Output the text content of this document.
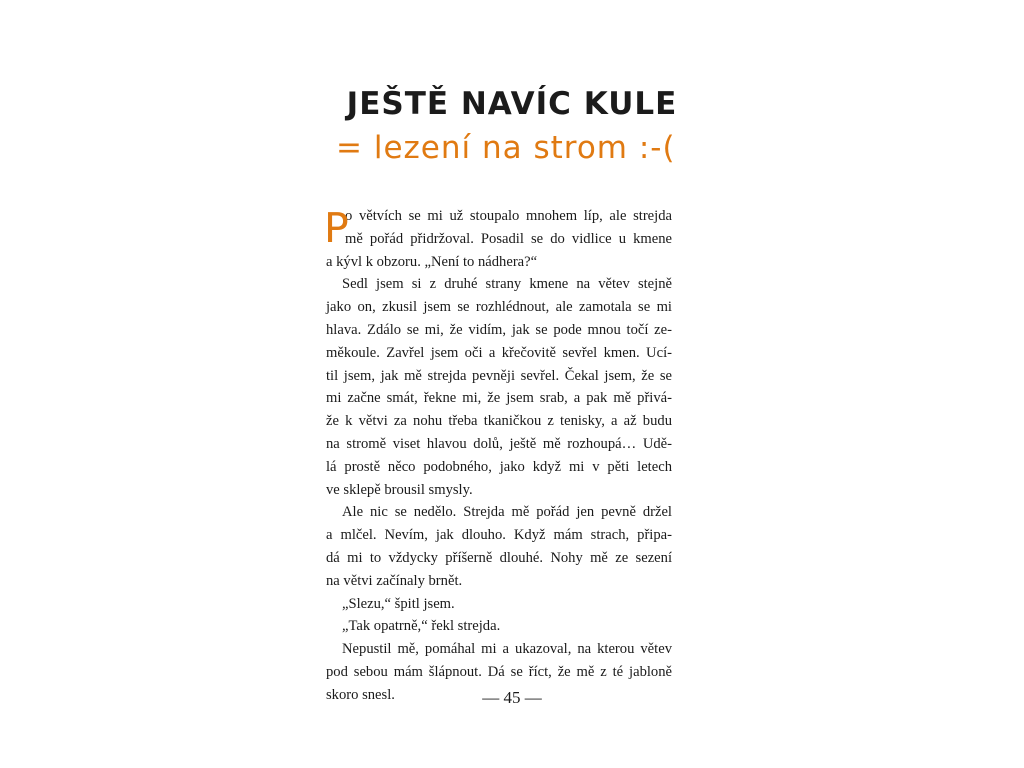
JEŠTĚ NAVÍC KULE
= lezení na strom :-(
P
o větvích se mi už stoupalo mnohem líp, ale strejda
mě pořád přidržoval. Posadil se do vidlice u kmene
a kývl k obzoru. „Není to nádhera?“
Sedl jsem si z druhé strany kmene na větev stejně
jako on, zkusil jsem se rozhlédnout, ale zamotala se mi
hlava. Zdálo se mi, že vidím, jak se pode mnou točí ze-
měkoule. Zavřel jsem oči a křečovitě sevřel kmen. Ucí-
til jsem, jak mě strejda pevněji sevřel. Čekal jsem, že se
mi začne smát, řekne mi, že jsem srab, a pak mě přivá-
že k větvi za nohu třeba tkaničkou z tenisky, a až budu
na stromě viset hlavou dolů, ještě mě rozhoupá… Udě-
lá prostě něco podobného, jako když mi v pěti letech
ve sklepě brousil smysly.
Ale nic se nedělo. Strejda mě pořád jen pevně držel
a mlčel. Nevím, jak dlouho. Když mám strach, připa-
dá mi to vždycky příšerně dlouhé. Nohy mě ze sezení
na větvi začínaly brnět.
„Slezu,“ špitl jsem.
„Tak opatrně,“ řekl strejda.
Nepustil mě, pomáhal mi a ukazoval, na kterou větev
pod sebou mám šlápnout. Dá se říct, že mě z té jabloně
skoro snesl.	— 45 —
